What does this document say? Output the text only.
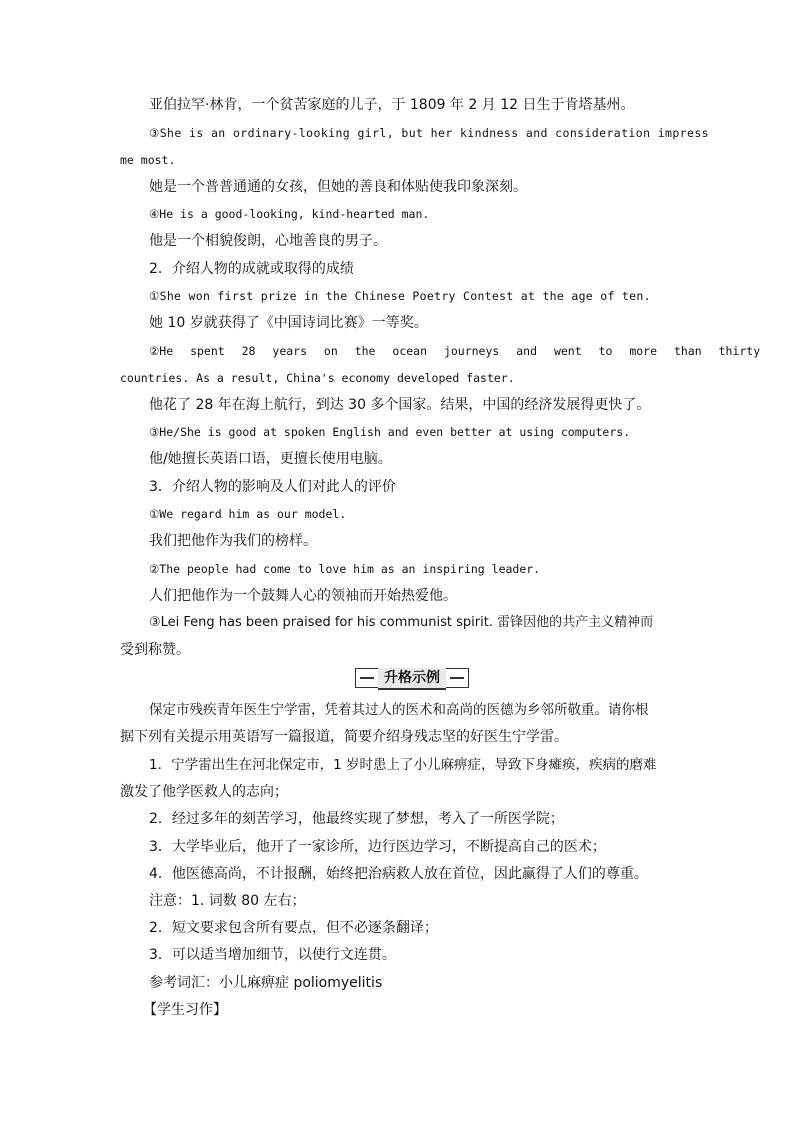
亚伯拉罕·林肯，一个贫苦家庭的儿子，于 1809 年 2 月 12 日生于肯塔基州。
③She is an ordinary-looking girl, but her kindness and consideration impress
me most.
她是一个普普通通的女孩，但她的善良和体贴使我印象深刻。
④He is a good-looking, kind-hearted man.
他是一个相貌俊朗，心地善良的男子。
2．介绍人物的成就或取得的成绩
①She won first prize in the Chinese Poetry Contest at the age of ten.
她 10 岁就获得了《中国诗词比赛》一等奖。
②He spent 28 years on the ocean journeys and went to more than thirty
countries. As a result, China's economy developed faster.
他花了 28 年在海上航行，到达 30 多个国家。结果，中国的经济发展得更快了。
③He/She is good at spoken English and even better at using computers.
他/她擅长英语口语，更擅长使用电脑。
3．介绍人物的影响及人们对此人的评价
①We regard him as our model.
我们把他作为我们的榜样。
②The people had come to love him as an inspiring leader.
人们把他作为一个鼓舞人心的领袖而开始热爱他。
③Lei Feng has been praised for his communist spirit. 雷锋因他的共产主义精神而
受到称赞。
升格示例
保定市残疾青年医生宁学雷，凭着其过人的医术和高尚的医德为乡邻所敬重。请你根
据下列有关提示用英语写一篇报道，简要介绍身残志坚的好医生宁学雷。
1．宁学雷出生在河北保定市，1 岁时患上了小儿麻痹症，导致下身瘫痪，疾病的磨难
激发了他学医救人的志向；
2．经过多年的刻苦学习，他最终实现了梦想，考入了一所医学院；
3．大学毕业后，他开了一家诊所，边行医边学习，不断提高自己的医术；
4．他医德高尚，不计报酬，始终把治病救人放在首位，因此赢得了人们的尊重。
注意：1. 词数 80 左右；
2．短文要求包含所有要点，但不必逐条翻译；
3．可以适当增加细节，以使行文连贯。
参考词汇：小儿麻痹症 poliomyelitis
【学生习作】
